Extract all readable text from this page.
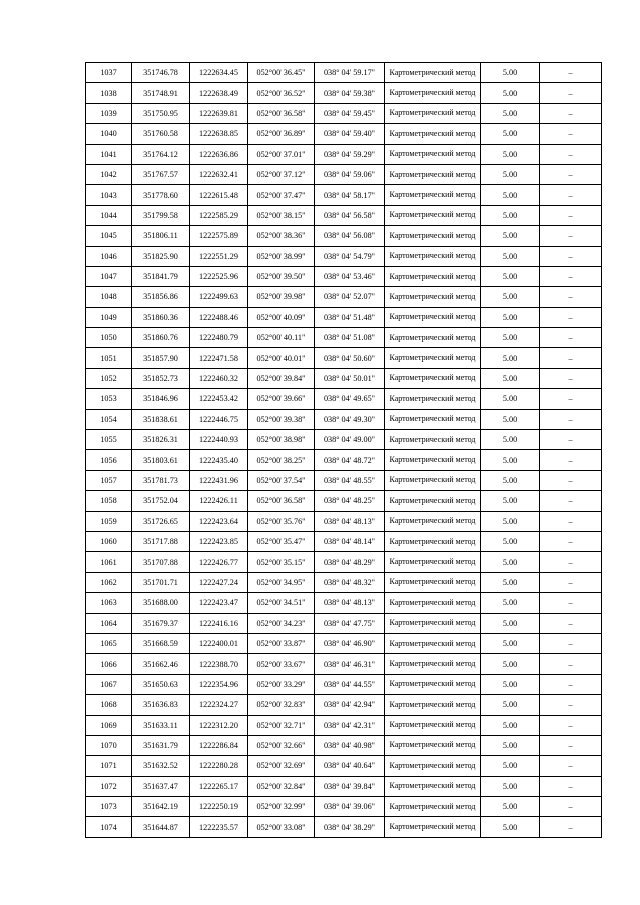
1037	351746.78	1222634.45	052°00' 36.45"	038° 04' 59.17"	Картометрический метод	5.00	–
1038	351748.91	1222638.49	052°00' 36.52"	038° 04' 59.38"	Картометрический метод	5.00	–
1039	351750.95	1222639.81	052°00' 36.58"	038° 04' 59.45"	Картометрический метод	5.00	–
1040	351760.58	1222638.85	052°00' 36.89"	038° 04' 59.40"	Картометрический метод	5.00	–
1041	351764.12	1222636.86	052°00' 37.01"	038° 04' 59.29"	Картометрический метод	5.00	–
1042	351767.57	1222632.41	052°00' 37.12"	038° 04' 59.06"	Картометрический метод	5.00	–
1043	351778.60	1222615.48	052°00' 37.47"	038° 04' 58.17"	Картометрический метод	5.00	–
1044	351799.58	1222585.29	052°00' 38.15"	038° 04' 56.58"	Картометрический метод	5.00	–
1045	351806.11	1222575.89	052°00' 38.36"	038° 04' 56.08"	Картометрический метод	5.00	–
1046	351825.90	1222551.29	052°00' 38.99"	038° 04' 54.79"	Картометрический метод	5.00	–
1047	351841.79	1222525.96	052°00' 39.50"	038° 04' 53.46"	Картометрический метод	5.00	–
1048	351856.86	1222499.63	052°00' 39.98"	038° 04' 52.07"	Картометрический метод	5.00	–
1049	351860.36	1222488.46	052°00' 40.09"	038° 04' 51.48"	Картометрический метод	5.00	–
1050	351860.76	1222480.79	052°00' 40.11"	038° 04' 51.08"	Картометрический метод	5.00	–
1051	351857.90	1222471.58	052°00' 40.01"	038° 04' 50.60"	Картометрический метод	5.00	–
1052	351852.73	1222460.32	052°00' 39.84"	038° 04' 50.01"	Картометрический метод	5.00	–
1053	351846.96	1222453.42	052°00' 39.66"	038° 04' 49.65"	Картометрический метод	5.00	–
1054	351838.61	1222446.75	052°00' 39.38"	038° 04' 49.30"	Картометрический метод	5.00	–
1055	351826.31	1222440.93	052°00' 38.98"	038° 04' 49.00"	Картометрический метод	5.00	–
1056	351803.61	1222435.40	052°00' 38.25"	038° 04' 48.72"	Картометрический метод	5.00	–
1057	351781.73	1222431.96	052°00' 37.54"	038° 04' 48.55"	Картометрический метод	5.00	–
1058	351752.04	1222426.11	052°00' 36.58"	038° 04' 48.25"	Картометрический метод	5.00	–
1059	351726.65	1222423.64	052°00' 35.76"	038° 04' 48.13"	Картометрический метод	5.00	–
1060	351717.88	1222423.85	052°00' 35.47"	038° 04' 48.14"	Картометрический метод	5.00	–
1061	351707.88	1222426.77	052°00' 35.15"	038° 04' 48.29"	Картометрический метод	5.00	–
1062	351701.71	1222427.24	052°00' 34.95"	038° 04' 48.32"	Картометрический метод	5.00	–
1063	351688.00	1222423.47	052°00' 34.51"	038° 04' 48.13"	Картометрический метод	5.00	–
1064	351679.37	1222416.16	052°00' 34.23"	038° 04' 47.75"	Картометрический метод	5.00	–
1065	351668.59	1222400.01	052°00' 33.87"	038° 04' 46.90"	Картометрический метод	5.00	–
1066	351662.46	1222388.70	052°00' 33.67"	038° 04' 46.31"	Картометрический метод	5.00	–
1067	351650.63	1222354.96	052°00' 33.29"	038° 04' 44.55"	Картометрический метод	5.00	–
1068	351636.83	1222324.27	052°00' 32.83"	038° 04' 42.94"	Картометрический метод	5.00	–
1069	351633.11	1222312.20	052°00' 32.71"	038° 04' 42.31"	Картометрический метод	5.00	–
1070	351631.79	1222286.84	052°00' 32.66"	038° 04' 40.98"	Картометрический метод	5.00	–
1071	351632.52	1222280.28	052°00' 32.69"	038° 04' 40.64"	Картометрический метод	5.00	–
1072	351637.47	1222265.17	052°00' 32.84"	038° 04' 39.84"	Картометрический метод	5.00	–
1073	351642.19	1222250.19	052°00' 32.99"	038° 04' 39.06"	Картометрический метод	5.00	–
1074	351644.87	1222235.57	052°00' 33.08"	038° 04' 38.29"	Картометрический метод	5.00	–
